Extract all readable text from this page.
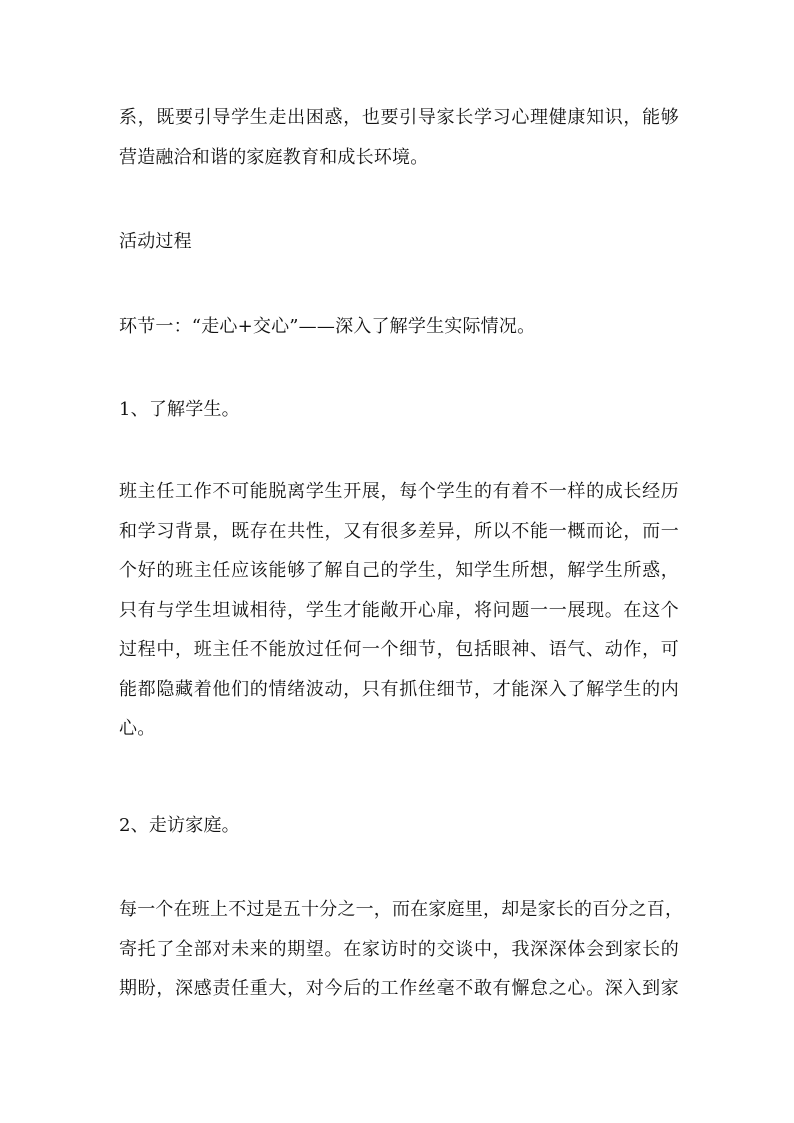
系，既要引导学生走出困惑，也要引导家长学习心理健康知识，能够
营造融洽和谐的家庭教育和成长环境。
活动过程
环节一：“走心+交心”——深入了解学生实际情况。
1、了解学生。
班主任工作不可能脱离学生开展，每个学生的有着不一样的成长经历
和学习背景，既存在共性，又有很多差异，所以不能一概而论，而一
个好的班主任应该能够了解自己的学生，知学生所想，解学生所惑，
只有与学生坦诚相待，学生才能敞开心扉，将问题一一展现。在这个
过程中，班主任不能放过任何一个细节，包括眼神、语气、动作，可
能都隐藏着他们的情绪波动，只有抓住细节，才能深入了解学生的内
心。
2、走访家庭。
每一个在班上不过是五十分之一，而在家庭里，却是家长的百分之百，
寄托了全部对未来的期望。在家访时的交谈中，我深深体会到家长的
期盼，深感责任重大，对今后的工作丝毫不敢有懈怠之心。深入到家
